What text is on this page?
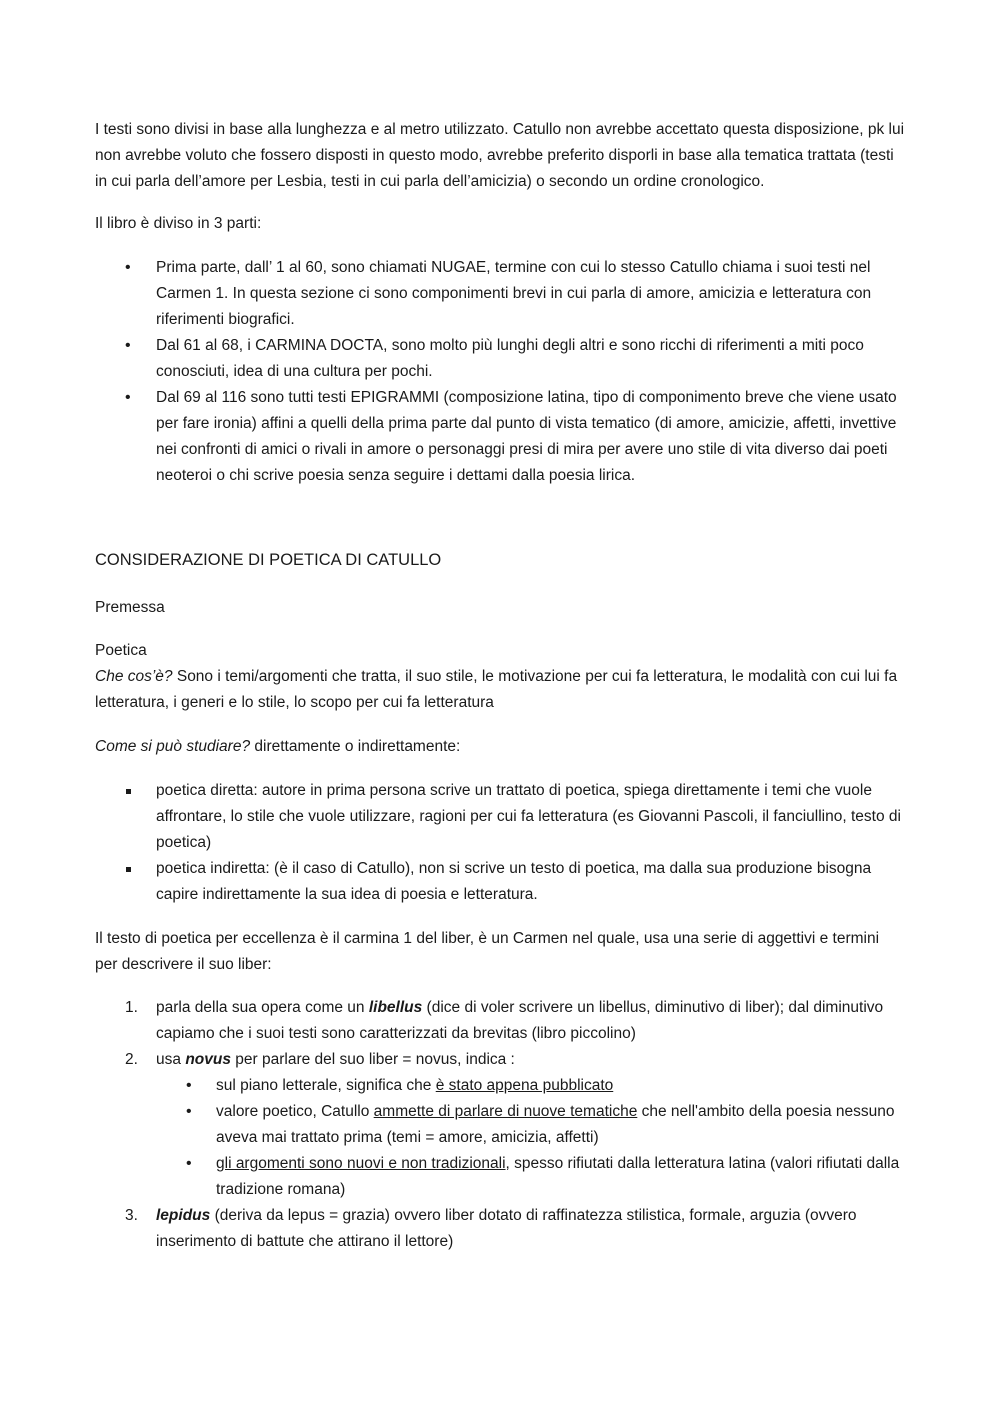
I testi sono divisi in base alla lunghezza e al metro utilizzato. Catullo non avrebbe accettato questa disposizione, pk lui non avrebbe voluto che fossero disposti in questo modo, avrebbe preferito disporli in base alla tematica trattata (testi in cui parla dell’amore per Lesbia, testi in cui parla dell’amicizia) o secondo un ordine cronologico.

Il libro è diviso in 3 parti:

• Prima parte, dall’ 1 al 60, sono chiamati NUGAE, termine con cui lo stesso Catullo chiama i suoi testi nel Carmen 1. In questa sezione ci sono componimenti brevi in cui parla di amore, amicizia e letteratura con riferimenti biografici.
• Dal 61 al 68, i CARMINA DOCTA, sono molto più lunghi degli altri e sono ricchi di riferimenti a miti poco conosciuti, idea di una cultura per pochi.
• Dal 69 al 116 sono tutti testi EPIGRAMMI (composizione latina, tipo di componimento breve che viene usato per fare ironia) affini a quelli della prima parte dal punto di vista tematico (di amore, amicizie, affetti, invettive nei confronti di amici o rivali in amore o personaggi presi di mira per avere uno stile di vita diverso dai poeti neoteroi o chi scrive poesia senza seguire i dettami dalla poesia lirica.

CONSIDERAZIONE DI POETICA DI CATULLO

Premessa

Poetica

Che cos’è? Sono i temi/argomenti che tratta, il suo stile, le motivazione per cui fa letteratura, le modalità con cui lui fa letteratura, i generi e lo stile, lo scopo per cui fa letteratura

Come si può studiare? direttamente o indirettamente:

poetica diretta: autore in prima persona scrive un trattato di poetica, spiega direttamente i temi che vuole affrontare, lo stile che vuole utilizzare, ragioni per cui fa letteratura (es Giovanni Pascoli, il fanciullino, testo di poetica)
poetica indiretta: (è il caso di Catullo), non si scrive un testo di poetica, ma dalla sua produzione bisogna capire indirettamente la sua idea di poesia e letteratura.

Il testo di poetica per eccellenza è il carmina 1 del liber, è un Carmen nel quale, usa una serie di aggettivi e termini per descrivere il suo liber:

1. parla della sua opera come un libellus (dice di voler scrivere un libellus, diminutivo di liber); dal diminutivo capiamo che i suoi testi sono caratterizzati da brevitas (libro piccolino)
2. usa novus per parlare del suo liber = novus, indica :
• sul piano letterale, significa che è stato appena pubblicato
• valore poetico, Catullo ammette di parlare di nuove tematiche che nell'ambito della poesia nessuno aveva mai trattato prima (temi = amore, amicizia, affetti)
• gli argomenti sono nuovi e non tradizionali, spesso rifiutati dalla letteratura latina (valori rifiutati dalla tradizione romana)
3. lepidus (deriva da lepus = grazia) ovvero liber dotato di raffinatezza stilistica, formale, arguzia (ovvero inserimento di battute che attirano il lettore)
